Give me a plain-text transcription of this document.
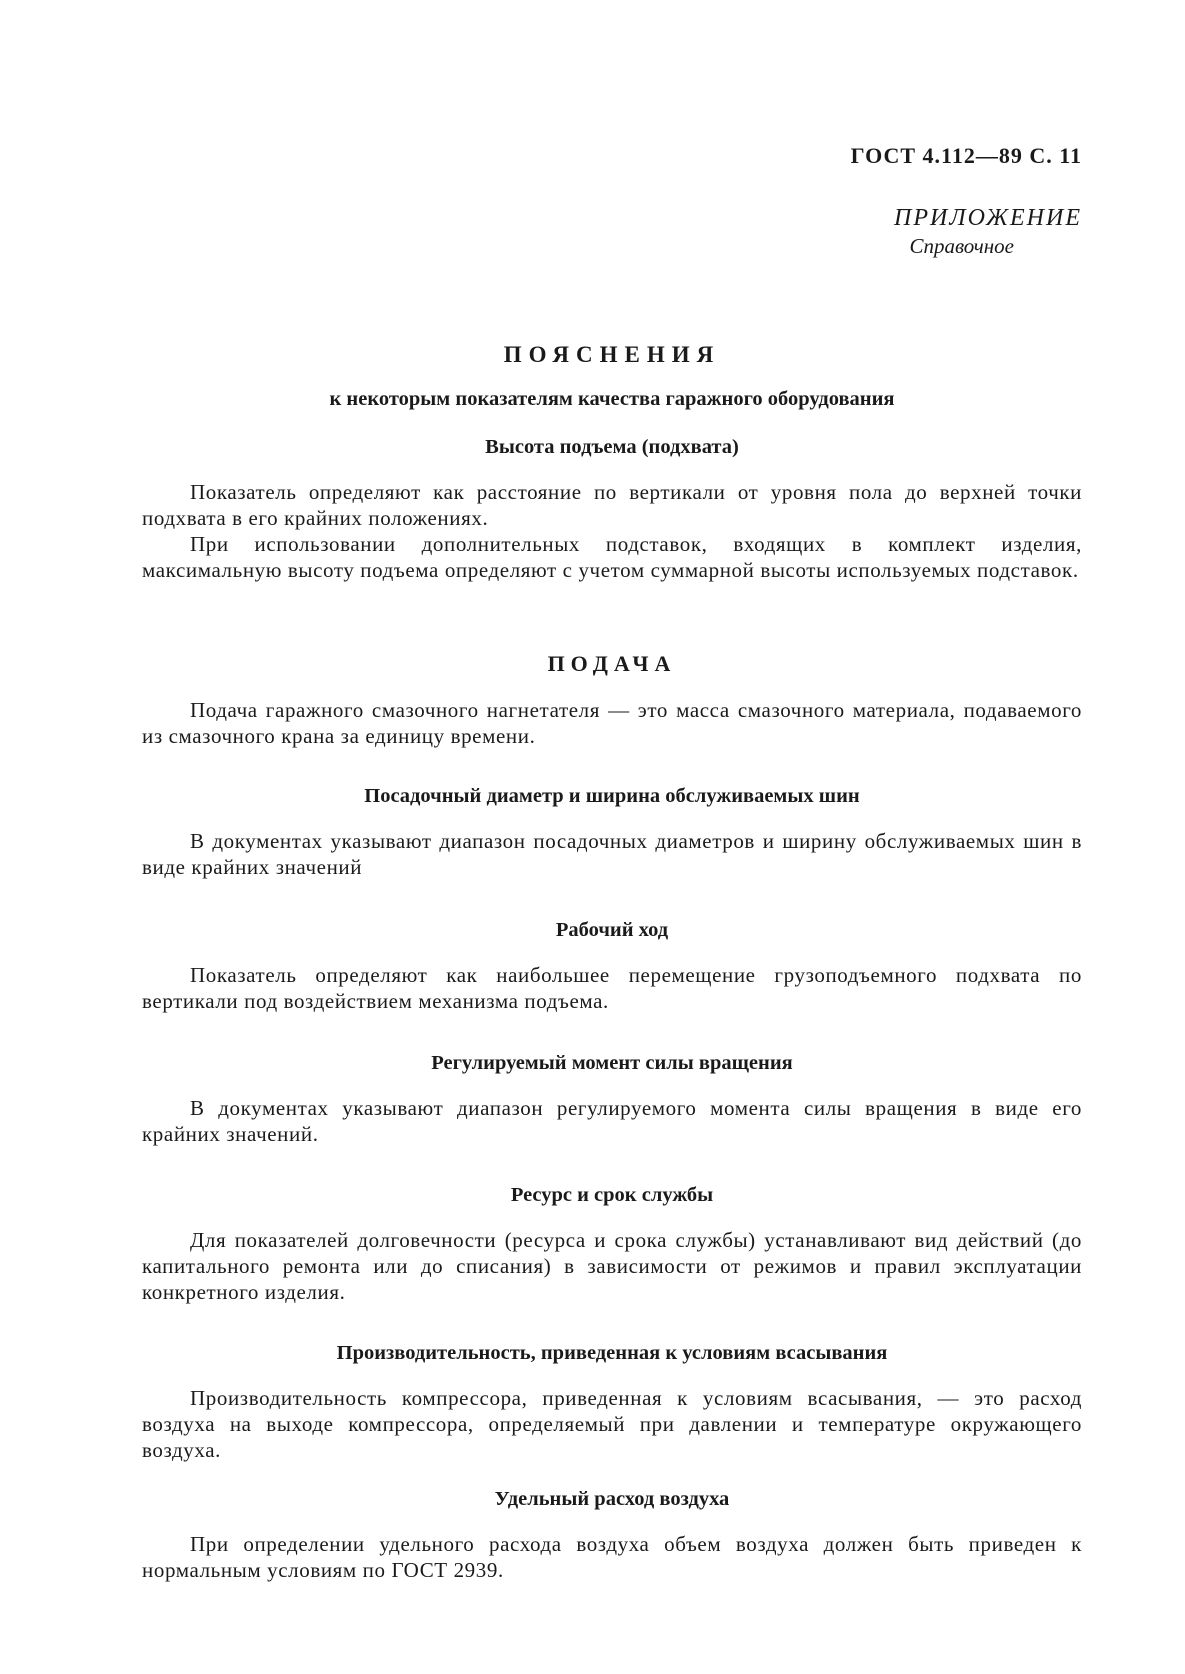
ГОСТ 4.112—89 С. 11
ПРИЛОЖЕНИЕ
Справочное
ПОЯСНЕНИЯ
к некоторым показателям качества гаражного оборудования
Высота подъема (подхвата)

Показатель определяют как расстояние по вертикали от уровня пола до верхней точки подхвата в его крайних положениях.

При использовании дополнительных подставок, входящих в комплект изделия, максимальную высоту подъема определяют с учетом суммарной высоты используемых подставок.

ПОДАЧА

Подача гаражного смазочного нагнетателя — это масса смазочного материала, подаваемого из смазочного крана за единицу времени.

Посадочный диаметр и ширина обслуживаемых шин

В документах указывают диапазон посадочных диаметров и ширину обслуживаемых шин в виде крайних значений

Рабочий ход

Показатель определяют как наибольшее перемещение грузоподъемного подхвата по вертикали под воздействием механизма подъема.

Регулируемый момент силы вращения

В документах указывают диапазон регулируемого момента силы вращения в виде его крайних значений.

Ресурс и срок службы

Для показателей долговечности (ресурса и срока службы) устанавливают вид действий (до капитального ремонта или до списания) в зависимости от режимов и правил эксплуатации конкретного изделия.

Производительность, приведенная к условиям всасывания

Производительность компрессора, приведенная к условиям всасывания, — это расход воздуха на выходе компрессора, определяемый при давлении и температуре окружающего воздуха.

Удельный расход воздуха

При определении удельного расхода воздуха объем воздуха должен быть приведен к нормальным условиям по ГОСТ 2939.
